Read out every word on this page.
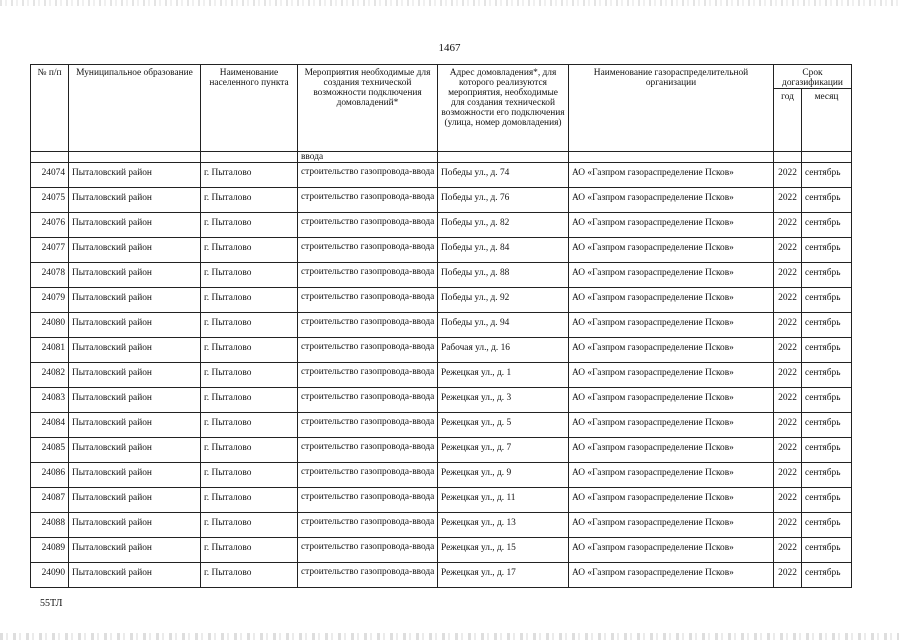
1467
№ п/п	Муниципальное образование	Наименование населенного пункта	Мероприятия необходимые для создания технической возможности подключения домовладений*	Адрес домовладения*, для которого реализуются мероприятия, необходимые для создания технической возможности его подключения (улица, номер домовладения)	Наименование газораспределительной организации	Срок догазификации	
						год	месяц
			ввода				
24074	Пыталовский район	г. Пыталово	строительство газопровода-ввода	Победы ул., д. 74	АО «Газпром газораспределение Псков»	2022	сентябрь
24075	Пыталовский район	г. Пыталово	строительство газопровода-ввода	Победы ул., д. 76	АО «Газпром газораспределение Псков»	2022	сентябрь
24076	Пыталовский район	г. Пыталово	строительство газопровода-ввода	Победы ул., д. 82	АО «Газпром газораспределение Псков»	2022	сентябрь
24077	Пыталовский район	г. Пыталово	строительство газопровода-ввода	Победы ул., д. 84	АО «Газпром газораспределение Псков»	2022	сентябрь
24078	Пыталовский район	г. Пыталово	строительство газопровода-ввода	Победы ул., д. 88	АО «Газпром газораспределение Псков»	2022	сентябрь
24079	Пыталовский район	г. Пыталово	строительство газопровода-ввода	Победы ул., д. 92	АО «Газпром газораспределение Псков»	2022	сентябрь
24080	Пыталовский район	г. Пыталово	строительство газопровода-ввода	Победы ул., д. 94	АО «Газпром газораспределение Псков»	2022	сентябрь
24081	Пыталовский район	г. Пыталово	строительство газопровода-ввода	Рабочая ул., д. 16	АО «Газпром газораспределение Псков»	2022	сентябрь
24082	Пыталовский район	г. Пыталово	строительство газопровода-ввода	Режецкая ул., д. 1	АО «Газпром газораспределение Псков»	2022	сентябрь
24083	Пыталовский район	г. Пыталово	строительство газопровода-ввода	Режецкая ул., д. 3	АО «Газпром газораспределение Псков»	2022	сентябрь
24084	Пыталовский район	г. Пыталово	строительство газопровода-ввода	Режецкая ул., д. 5	АО «Газпром газораспределение Псков»	2022	сентябрь
24085	Пыталовский район	г. Пыталово	строительство газопровода-ввода	Режецкая ул., д. 7	АО «Газпром газораспределение Псков»	2022	сентябрь
24086	Пыталовский район	г. Пыталово	строительство газопровода-ввода	Режецкая ул., д. 9	АО «Газпром газораспределение Псков»	2022	сентябрь
24087	Пыталовский район	г. Пыталово	строительство газопровода-ввода	Режецкая ул., д. 11	АО «Газпром газораспределение Псков»	2022	сентябрь
24088	Пыталовский район	г. Пыталово	строительство газопровода-ввода	Режецкая ул., д. 13	АО «Газпром газораспределение Псков»	2022	сентябрь
24089	Пыталовский район	г. Пыталово	строительство газопровода-ввода	Режецкая ул., д. 15	АО «Газпром газораспределение Псков»	2022	сентябрь
24090	Пыталовский район	г. Пыталово	строительство газопровода-ввода	Режецкая ул., д. 17	АО «Газпром газораспределение Псков»	2022	сентябрь
55ТЛ
